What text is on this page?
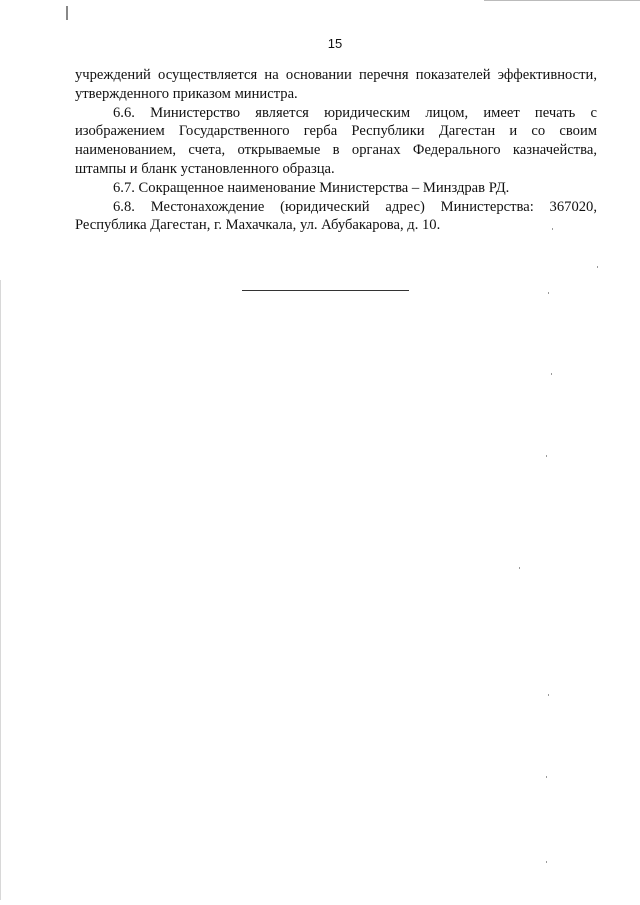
15

учреждений осуществляется на основании перечня показателей эффективности, утвержденного приказом министра.

6.6. Министерство является юридическим лицом, имеет печать с изображением Государственного герба Республики Дагестан и со своим наименованием, счета, открываемые в органах Федерального казначейства, штампы и бланк установленного образца.

6.7. Сокращенное наименование Министерства – Минздрав РД.

6.8. Местонахождение (юридический адрес) Министерства: 367020, Республика Дагестан, г. Махачкала, ул. Абубакарова, д. 10.
